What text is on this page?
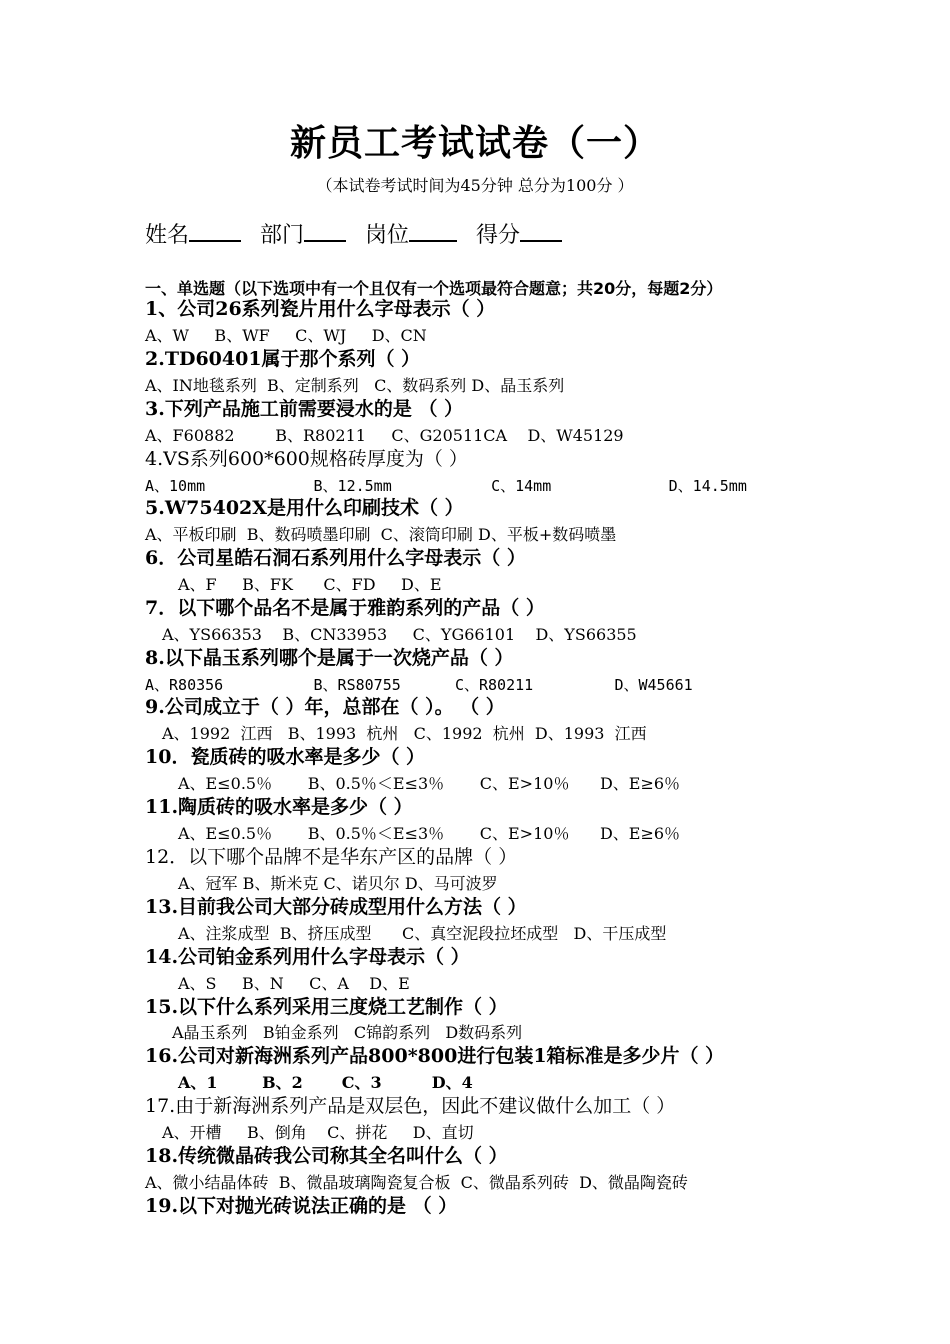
新员工考试试卷（一）
（本试卷考试时间为45分钟 总分为100分 ）
姓名	部门	岗位	得分
一、单选题（以下选项中有一个且仅有一个选项最符合题意；共20分，每题2分）
1、公司26系列瓷片用什么字母表示（ ）
A、W     B、WF     C、WJ     D、CN
2.TD60401属于那个系列（ ）
A、IN地毯系列  B、定制系列   C、数码系列 D、晶玉系列
3.下列产品施工前需要浸水的是 （ ）
A、F60882        B、R80211     C、G20511CA    D、W45129
4.VS系列600*600规格砖厚度为（ ）
A、10mm            B、12.5mm           C、14mm             D、14.5mm
5.W75402X是用什么印刷技术（ ）
A、平板印刷  B、数码喷墨印刷  C、滚筒印刷 D、平板+数码喷墨
6．公司星皓石洞石系列用什么字母表示（ ）
A、F     B、FK      C、FD     D、E
7．以下哪个品名不是属于雅韵系列的产品（ ）
A、YS66353    B、CN33953     C、YG66101    D、YS66355
8.以下晶玉系列哪个是属于一次烧产品（ ）
A、R80356          B、RS80755      C、R80211         D、W45661
9.公司成立于（ ）年，总部在（ ）。 （ ）
A、1992  江西   B、1993  杭州   C、1992  杭州  D、1993  江西
10．瓷质砖的吸水率是多少（ ）
A、E≤0.5％       B、0.5％＜E≤3％       C、E>10％      D、E≥6％
11.陶质砖的吸水率是多少（ ）
A、E≤0.5％       B、0.5％＜E≤3％       C、E>10％      D、E≥6％
12．以下哪个品牌不是华东产区的品牌（ ）
A、冠军 B、斯米克 C、诺贝尔 D、马可波罗
13.目前我公司大部分砖成型用什么方法（ ）
A、注浆成型  B、挤压成型      C、真空泥段拉坯成型   D、干压成型
14.公司铂金系列用什么字母表示（ ）
A、S     B、N     C、A    D、E
15.以下什么系列采用三度烧工艺制作（ ）
A晶玉系列   B铂金系列   C锦韵系列   D数码系列
16.公司对新海洲系列产品800*800进行包装1箱标准是多少片（ ）
A、1        B、2       C、3         D、4
17.由于新海洲系列产品是双层色，因此不建议做什么加工（ ）
A、开槽     B、倒角    C、拼花     D、直切
18.传统微晶砖我公司称其全名叫什么（ ）
A、微小结晶体砖  B、微晶玻璃陶瓷复合板  C、微晶系列砖  D、微晶陶瓷砖
19.以下对抛光砖说法正确的是 （ ）
